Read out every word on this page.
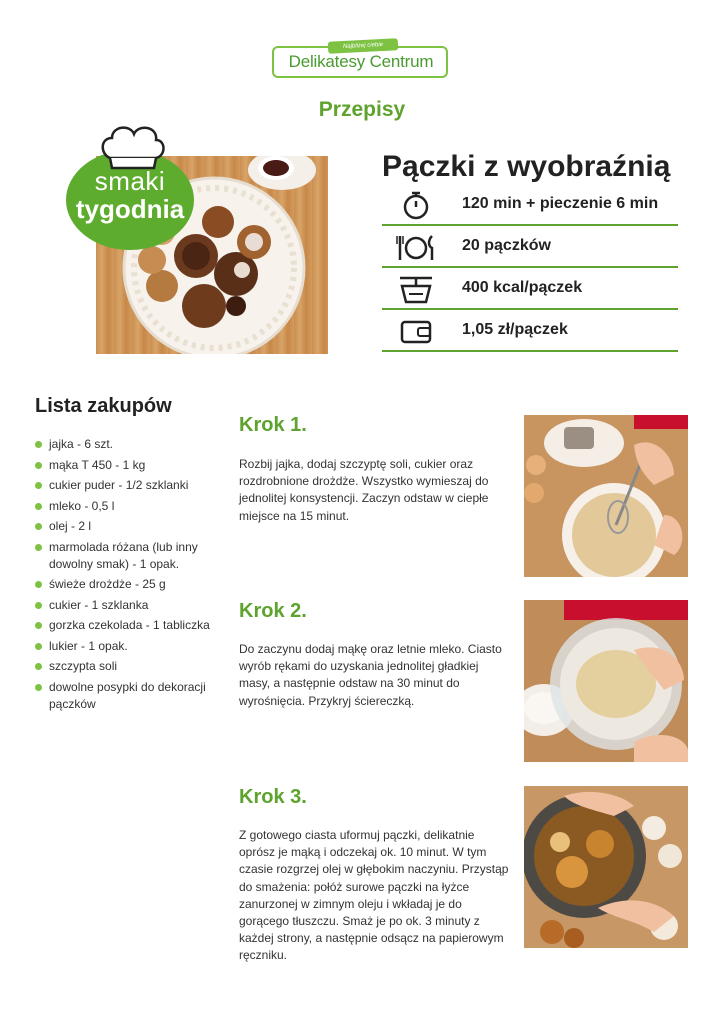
Najbliżej ciebie
Delikatesy Centrum
Przepisy
smaki
tygodnia
Pączki z wyobraźnią
120 min + pieczenie 6 min
20 pączków
400 kcal/pączek
1,05 zł/pączek
Lista zakupów
jajka - 6 szt.
mąka T 450 - 1 kg
cukier puder - 1/2 szklanki
mleko - 0,5 l
olej - 2 l
marmolada różana (lub inny dowolny smak) - 1 opak.
świeże drożdże - 25 g
cukier - 1 szklanka
gorzka czekolada - 1 tabliczka
lukier - 1 opak.
szczypta soli
dowolne posypki do dekoracji pączków
Krok 1.
Rozbij jajka, dodaj szczyptę soli, cukier oraz rozdrobnione drożdże. Wszystko wymieszaj do jednolitej konsystencji. Zaczyn odstaw w ciepłe miejsce na 15 minut.
Krok 2.
Do zaczynu dodaj mąkę oraz letnie mleko. Ciasto wyrób rękami do uzyskania jednolitej gładkiej masy, a następnie odstaw na 30 minut do wyrośnięcia. Przykryj ściereczką.
Krok 3.
Z gotowego ciasta uformuj pączki, delikatnie oprósz je mąką i odczekaj ok. 10 minut. W tym czasie rozgrzej olej w głębokim naczyniu. Przystąp do smażenia: połóż surowe pączki na łyżce zanurzonej w zimnym oleju i wkładaj je do gorącego tłuszczu. Smaż je po ok. 3 minuty z każdej strony, a następnie odsącz na papierowym ręczniku.
